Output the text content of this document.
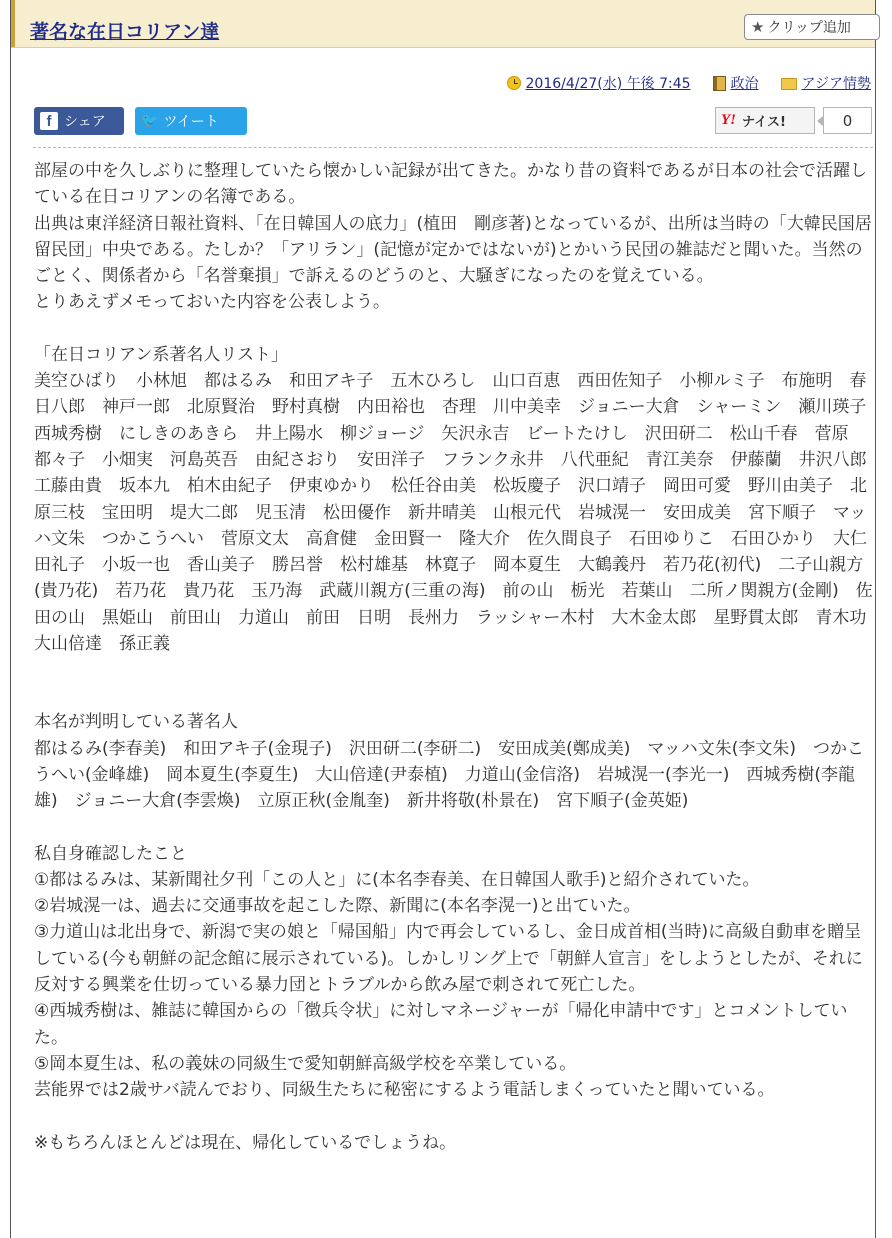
著名な在日コリアン達	★ クリップ追加
2016/4/27(水) 午後 7:45	政治	アジア情勢
f シェア	🐦 ツイート	Y! ナイス!	0

部屋の中を久しぶりに整理していたら懐かしい記録が出てきた。かなり昔の資料であるが日本の社会で活躍している在日コリアンの名簿である。

出典は東洋経済日報社資料、「在日韓国人の底力」(植田　剛彦著)となっているが、出所は当時の「大韓民国居留民団」中央である。たしか？「アリラン」(記憶が定かではないが)とかいう民団の雑誌だと聞いた。当然のごとく、関係者から「名誉棄損」で訴えるのどうのと、大騒ぎになったのを覚えている。

とりあえずメモっておいた内容を公表しよう。

「在日コリアン系著名人リスト」

美空ひばり　小林旭　都はるみ　和田アキ子　五木ひろし　山口百恵　西田佐知子　小柳ルミ子　布施明　春日八郎　神戸一郎　北原賢治　野村真樹　内田裕也　杏理　川中美幸　ジョニー大倉　シャーミン　瀬川瑛子　西城秀樹　にしきのあきら　井上陽水　柳ジョージ　矢沢永吉　ビートたけし　沢田研二　松山千春　菅原都々子　小畑実　河島英吾　由紀さおり　安田洋子　フランク永井　八代亜紀　青江美奈　伊藤蘭　井沢八郎　工藤由貴　坂本九　柏木由紀子　伊東ゆかり　松任谷由美　松坂慶子　沢口靖子　岡田可愛　野川由美子　北原三枝　宝田明　堤大二郎　児玉清　松田優作　新井晴美　山根元代　岩城滉一　安田成美　宮下順子　マッハ文朱　つかこうへい　菅原文太　高倉健　金田賢一　隆大介　佐久間良子　石田ゆりこ　石田ひかり　大仁田礼子　小坂一也　香山美子　勝呂誉　松村雄基　林寛子　岡本夏生　大鶴義丹　若乃花(初代)　二子山親方(貴乃花)　若乃花　貴乃花　玉乃海　武蔵川親方(三重の海)　前の山　栃光　若葉山　二所ノ関親方(金剛)　佐田の山　黒姫山　前田山　力道山　前田　日明　長州力　ラッシャー木村　大木金太郎　星野貫太郎　青木功　大山倍達　孫正義

本名が判明している著名人

都はるみ(李春美)　和田アキ子(金現子)　沢田研二(李研二)　安田成美(鄭成美)　マッハ文朱(李文朱)　つかこうへい(金峰雄)　岡本夏生(李夏生)　大山倍達(尹泰植)　力道山(金信洛)　岩城滉一(李光一)　西城秀樹(李龍雄)　ジョニー大倉(李雲煥)　立原正秋(金胤奎)　新井将敬(朴景在)　宮下順子(金英姫)

私自身確認したこと

①都はるみは、某新聞社夕刊「この人と」に(本名李春美、在日韓国人歌手)と紹介されていた。

②岩城滉一は、過去に交通事故を起こした際、新聞に(本名李滉一)と出ていた。

③力道山は北出身で、新潟で実の娘と「帰国船」内で再会しているし、金日成首相(当時)に高級自動車を贈呈している(今も朝鮮の記念館に展示されている)。しかしリング上で「朝鮮人宣言」をしようとしたが、それに反対する興業を仕切っている暴力団とトラブルから飲み屋で刺されて死亡した。

④西城秀樹は、雑誌に韓国からの「徴兵令状」に対しマネージャーが「帰化申請中です」とコメントしていた。

⑤岡本夏生は、私の義妹の同級生で愛知朝鮮高級学校を卒業している。

芸能界では2歳サバ読んでおり、同級生たちに秘密にするよう電話しまくっていたと聞いている。

※もちろんほとんどは現在、帰化しているでしょうね。
